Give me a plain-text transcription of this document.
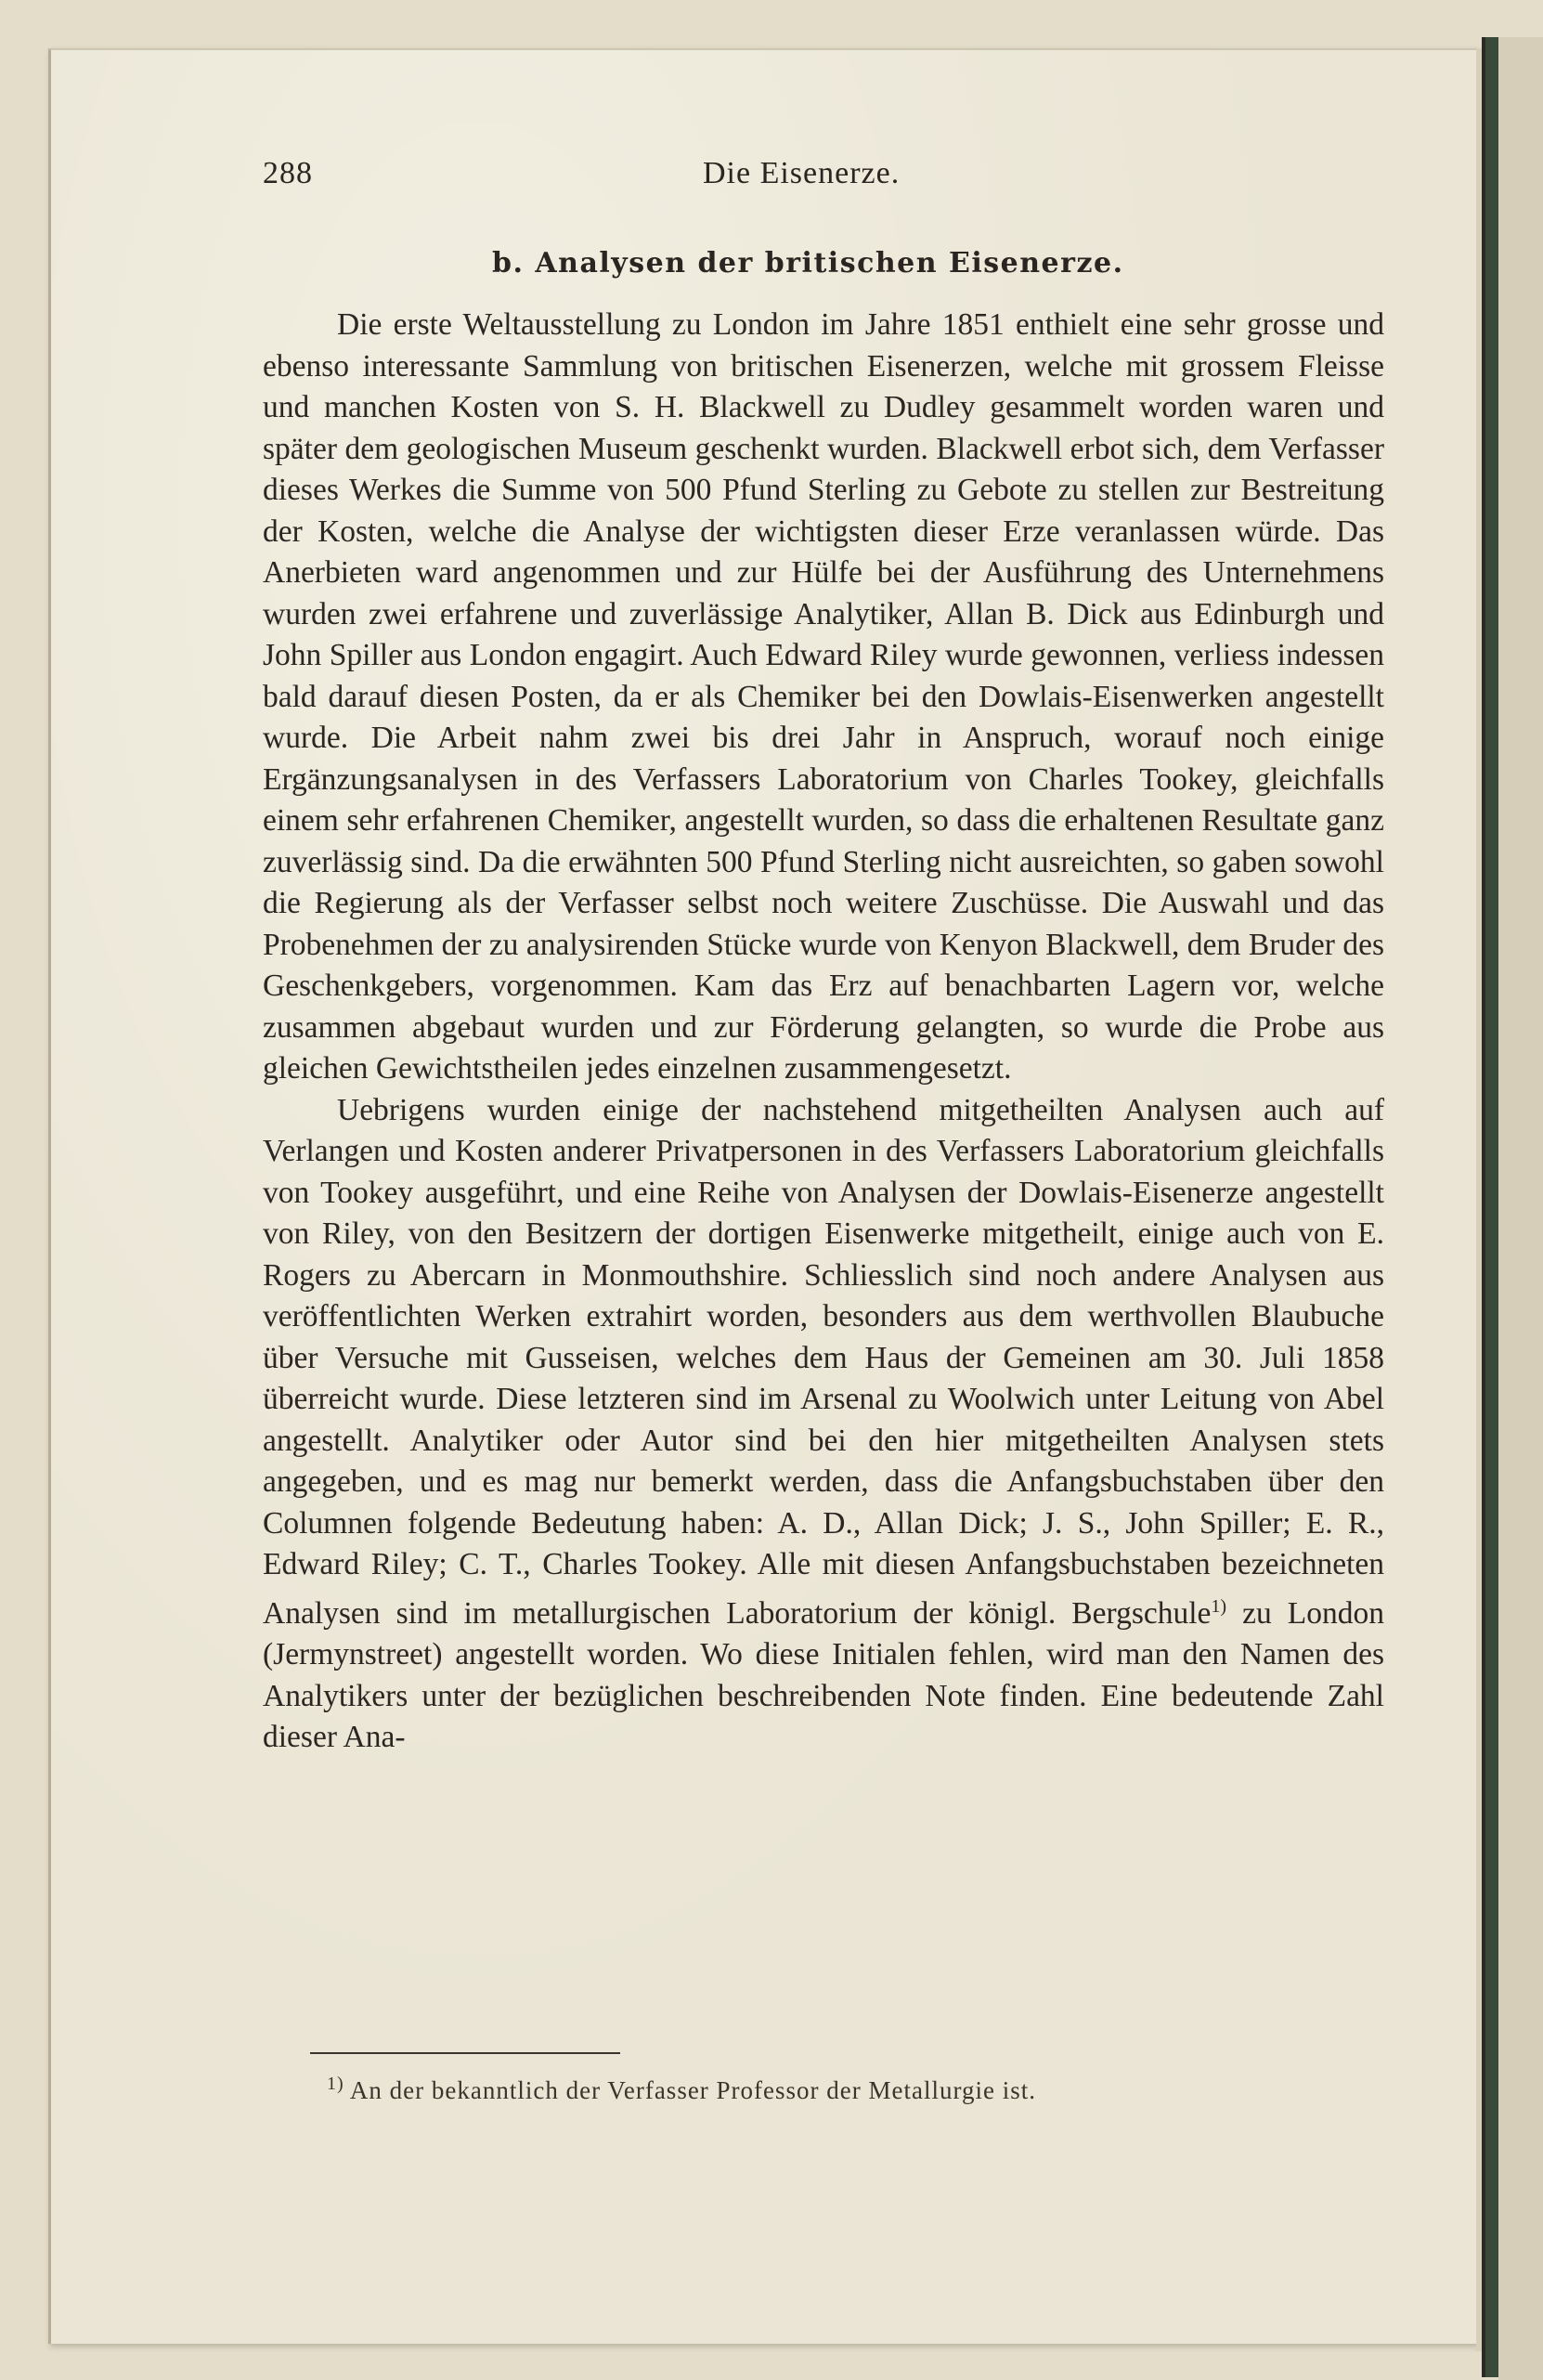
288	Die Eisenerze.
b. Analysen der britischen Eisenerze.

Die erste Weltausstellung zu London im Jahre 1851 enthielt eine sehr grosse und ebenso interessante Sammlung von britischen Eisenerzen, welche mit grossem Fleisse und manchen Kosten von S. H. Blackwell zu Dudley gesammelt worden waren und später dem geologischen Museum geschenkt wurden. Blackwell erbot sich, dem Verfasser dieses Werkes die Summe von 500 Pfund Sterling zu Gebote zu stellen zur Bestreitung der Kosten, welche die Analyse der wichtigsten dieser Erze veranlassen würde. Das Anerbieten ward angenommen und zur Hülfe bei der Ausführung des Unternehmens wurden zwei erfahrene und zuverlässige Analytiker, Allan B. Dick aus Edinburgh und John Spiller aus London engagirt. Auch Edward Riley wurde gewonnen, verliess indessen bald darauf diesen Posten, da er als Chemiker bei den Dowlais-Eisenwerken angestellt wurde. Die Arbeit nahm zwei bis drei Jahr in Anspruch, worauf noch einige Ergänzungsanalysen in des Verfassers Laboratorium von Charles Tookey, gleichfalls einem sehr erfahrenen Chemiker, angestellt wurden, so dass die erhaltenen Resultate ganz zuverlässig sind. Da die erwähnten 500 Pfund Sterling nicht ausreichten, so gaben sowohl die Regierung als der Verfasser selbst noch weitere Zuschüsse. Die Auswahl und das Probenehmen der zu analysirenden Stücke wurde von Kenyon Blackwell, dem Bruder des Geschenkgebers, vorgenommen. Kam das Erz auf benachbarten Lagern vor, welche zusammen abgebaut wurden und zur Förderung gelangten, so wurde die Probe aus gleichen Gewichtstheilen jedes einzelnen zusammengesetzt.

Uebrigens wurden einige der nachstehend mitgetheilten Analysen auch auf Verlangen und Kosten anderer Privatpersonen in des Verfassers Laboratorium gleichfalls von Tookey ausgeführt, und eine Reihe von Analysen der Dowlais-Eisenerze angestellt von Riley, von den Besitzern der dortigen Eisenwerke mitgetheilt, einige auch von E. Rogers zu Abercarn in Monmouthshire. Schliesslich sind noch andere Analysen aus veröffentlichten Werken extrahirt worden, besonders aus dem werthvollen Blaubuche über Versuche mit Gusseisen, welches dem Haus der Gemeinen am 30. Juli 1858 überreicht wurde. Diese letzteren sind im Arsenal zu Woolwich unter Leitung von Abel angestellt. Analytiker oder Autor sind bei den hier mitgetheilten Analysen stets angegeben, und es mag nur bemerkt werden, dass die Anfangsbuchstaben über den Columnen folgende Bedeutung haben: A. D., Allan Dick; J. S., John Spiller; E. R., Edward Riley; C. T., Charles Tookey. Alle mit diesen Anfangsbuchstaben bezeichneten Analysen sind im metallurgischen Laboratorium der königl. Bergschule$^{1)}$ zu London (Jermynstreet) angestellt worden. Wo diese Initialen fehlen, wird man den Namen des Analytikers unter der bezüglichen beschreibenden Note finden. Eine bedeutende Zahl dieser Ana-

$^{1)}$ An der bekanntlich der Verfasser Professor der Metallurgie ist.
